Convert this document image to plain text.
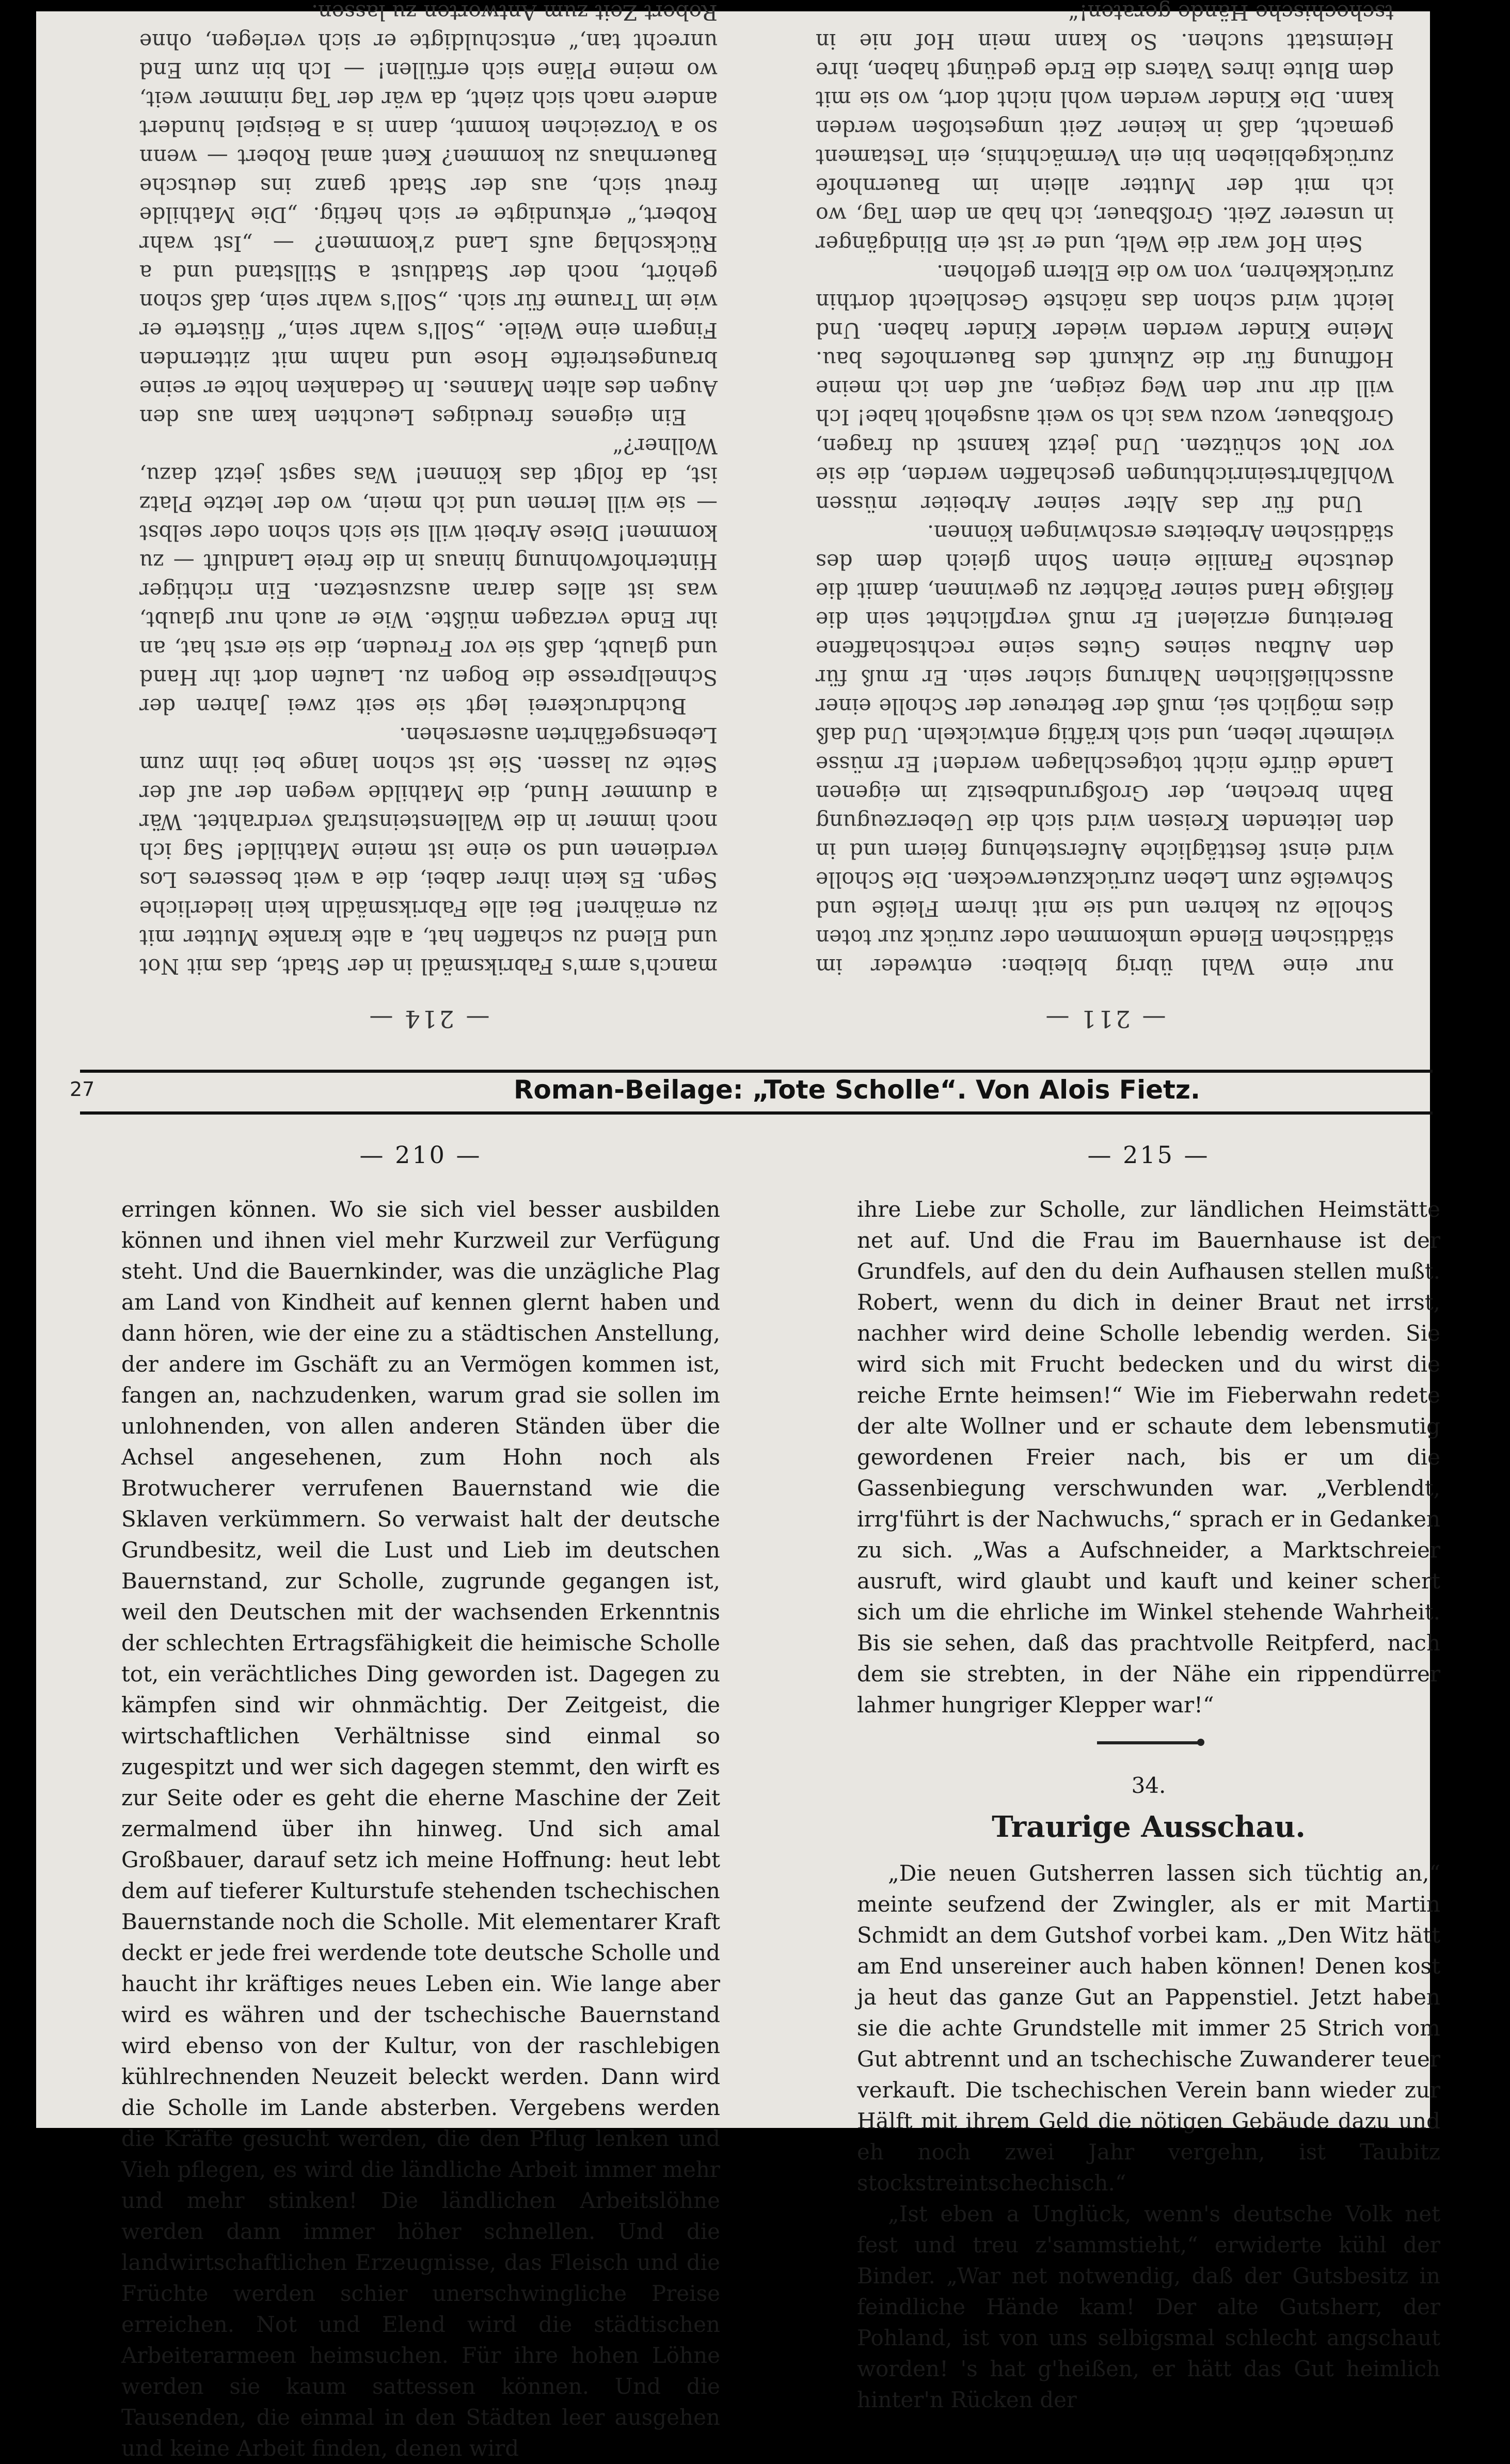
— 211 —

nur eine Wahl übrig bleiben: entweder im städtischen Elende umkommen oder zurück zur toten Scholle zu kehren und sie mit ihrem Fleiße und Schweiße zum Leben zurückzuerwecken. Die Scholle wird einst festtägliche Auferstehung feiern und in den leitenden Kreisen wird sich die Ueberzeugung Bahn brechen, der Großgrundbesitz im eigenen Lande dürfe nicht totgeschlagen werden! Er müsse vielmehr leben, und sich kräftig entwickeln. Und daß dies möglich sei, muß der Betreuer der Scholle einer ausschließlichen Nahrung sicher sein. Er muß für den Aufbau seines Gutes seine rechtschaffene Bereitung erzielen! Er muß verpflichtet sein die fleißige Hand seiner Pächter zu gewinnen, damit die deutsche Familie einen Sohn gleich dem des städtischen Arbeiters erschwingen können.

Und für das Alter seiner Arbeiter müssen Wohlfahrtseinrichtungen geschaffen werden, die sie vor Not schützen. Und jetzt kannst du fragen, Großbauer, wozu was ich so weit ausgeholt habe! Ich will dir nur den Weg zeigen, auf den ich meine Hoffnung für die Zukunft des Bauernhofes bau. Meine Kinder werden wieder Kinder haben. Und leicht wird schon das nächste Geschlecht dorthin zurückkehren, von wo die Eltern geflohen.

Sein Hof war die Welt, und er ist ein Blindgänger in unserer Zeit. Großbauer, ich hab an dem Tag, wo ich mit der Mutter allein im Bauernhofe zurückgeblieben bin ein Vermächtnis, ein Testament gemacht, daß in keiner Zeit umgestoßen werden kann. Die Kinder werden wohl nicht dort, wo sie mit dem Blute ihres Vaters die Erde gedüngt haben, ihre Heimstatt suchen. So kann mein Hof nie in tschechische Hände geraten!“

— 214 —

manch's arm's Fabriksmädl in der Stadt, das mit Not und Elend zu schaffen hat, a alte kranke Mutter mit zu ernähren! Bei alle Fabriksmädln kein liederliche Segn. Es kein ihrer dabei, die a weit besseres Los verdienen und so eine ist meine Mathilde! Sag ich noch immer in die Wallensteinstraß verdrahtet. Wär a dummer Hund, die Mathilde wegen der auf der Seite zu lassen. Sie ist schon lange bei ihm zum Lebensgefährten ausersehen.

Buchdruckerei legt sie seit zwei Jahren der Schnellpresse die Bogen zu. Laufen dort ihr Hand und glaubt, daß sie vor Freuden, die sie erst hat, an ihr Ende verzagen müßte. Wie er auch nur glaubt, was ist alles daran auszusetzen. Ein richtiger Hinterhofwohnung hinaus in die freie Landluft — zu kommen! Diese Arbeit will sie sich schon oder selbst — sie will lernen und ich mein, wo der letzte Platz ist, da folgt das können! Was sagst jetzt dazu, Wollner?“

Ein eigenes freudiges Leuchten kam aus den Augen des alten Mannes. In Gedanken holte er seine braungestreifte Hose und nahm mit zitternden Fingern eine Weile. „Soll's wahr sein,“ flüsterte er wie im Traume für sich. „Soll's wahr sein, daß schon gehört, noch der Stadtlust a Stillstand und a Rückschlag aufs Land z'kommen? — „Ist wahr Robert,“ erkundigte er sich heftig. „Die Mathilde freut sich, aus der Stadt ganz ins deutsche Bauernhaus zu kommen? Kent amal Robert — wenn so a Vorzeichen kommt, dann is a Beispiel hundert andere nach sich zieht, da wär der Tag nimmer weit, wo meine Pläne sich erfüllen! — Ich bin zum End unrecht tan,“ entschuldigte er sich verlegen, ohne Robert Zeit zum Antworten zu lassen.

27	Roman-Beilage: „Tote Scholle“. Von Alois Fietz.
— 210 —

erringen können. Wo sie sich viel besser ausbilden können und ihnen viel mehr Kurzweil zur Verfügung steht. Und die Bauernkinder, was die unzägliche Plag am Land von Kindheit auf kennen glernt haben und dann hören, wie der eine zu a städtischen Anstellung, der andere im Gschäft zu an Vermögen kommen ist, fangen an, nachzudenken, warum grad sie sollen im unlohnenden, von allen anderen Ständen über die Achsel angesehenen, zum Hohn noch als Brotwucherer verrufenen Bauernstand wie die Sklaven verkümmern. So verwaist halt der deutsche Grundbesitz, weil die Lust und Lieb im deutschen Bauernstand, zur Scholle, zugrunde gegangen ist, weil den Deutschen mit der wachsenden Erkenntnis der schlechten Ertragsfähigkeit die heimische Scholle tot, ein verächtliches Ding geworden ist. Dagegen zu kämpfen sind wir ohnmächtig. Der Zeitgeist, die wirtschaftlichen Verhältnisse sind einmal so zugespitzt und wer sich dagegen stemmt, den wirft es zur Seite oder es geht die eherne Maschine der Zeit zermalmend über ihn hinweg. Und sich amal Großbauer, darauf setz ich meine Hoffnung: heut lebt dem auf tieferer Kulturstufe stehenden tschechischen Bauernstande noch die Scholle. Mit elementarer Kraft deckt er jede frei werdende tote deutsche Scholle und haucht ihr kräftiges neues Leben ein. Wie lange aber wird es währen und der tschechische Bauernstand wird ebenso von der Kultur, von der raschlebigen kühlrechnenden Neuzeit beleckt werden. Dann wird die Scholle im Lande absterben. Vergebens werden die Kräfte gesucht werden, die den Pflug lenken und Vieh pflegen, es wird die ländliche Arbeit immer mehr und mehr stinken! Die ländlichen Arbeitslöhne werden dann immer höher schnellen. Und die landwirtschaftlichen Erzeugnisse, das Fleisch und die Früchte werden schier unerschwingliche Preise erreichen. Not und Elend wird die städtischen Arbeiterarmeen heimsuchen. Für ihre hohen Löhne werden sie kaum sattessen können. Und die Tausenden, die einmal in den Städten leer ausgehen und keine Arbeit finden, denen wird

— 215 —

ihre Liebe zur Scholle, zur ländlichen Heimstätte net auf. Und die Frau im Bauernhause ist der Grundfels, auf den du dein Aufhausen stellen mußt. Robert, wenn du dich in deiner Braut net irrst, nachher wird deine Scholle lebendig werden. Sie wird sich mit Frucht bedecken und du wirst die reiche Ernte heimsen!“ Wie im Fieberwahn redete der alte Wollner und er schaute dem lebensmutig gewordenen Freier nach, bis er um die Gassenbiegung verschwunden war. „Verblendt, irrg'führt is der Nachwuchs,“ sprach er in Gedanken zu sich. „Was a Aufschneider, a Marktschreier ausruft, wird glaubt und kauft und keiner schert sich um die ehrliche im Winkel stehende Wahrheit. Bis sie sehen, daß das prachtvolle Reitpferd, nach dem sie strebten, in der Nähe ein rippendürrer lahmer hungriger Klepper war!“

34.
Traurige Ausschau.

„Die neuen Gutsherren lassen sich tüchtig an,“ meinte seufzend der Zwingler, als er mit Martin Schmidt an dem Gutshof vorbei kam. „Den Witz hätt am End unsereiner auch haben können! Denen kost ja heut das ganze Gut an Pappenstiel. Jetzt haben sie die achte Grundstelle mit immer 25 Strich vom Gut abtrennt und an tschechische Zuwanderer teuer verkauft. Die tschechischen Verein bann wieder zur Hälft mit ihrem Geld die nötigen Gebäude dazu und eh noch zwei Jahr vergehn, ist Taubitz stockstreintschechisch.“

„Ist eben a Unglück, wenn's deutsche Volk net fest und treu z'sammstieht,“ erwiderte kühl der Binder. „War net notwendig, daß der Gutsbesitz in feindliche Hände kam! Der alte Gutsherr, der Pohland, ist von uns selbigsmal schlecht angschaut worden! 's hat g'heißen, er hätt das Gut heimlich hinter'n Rücken der
